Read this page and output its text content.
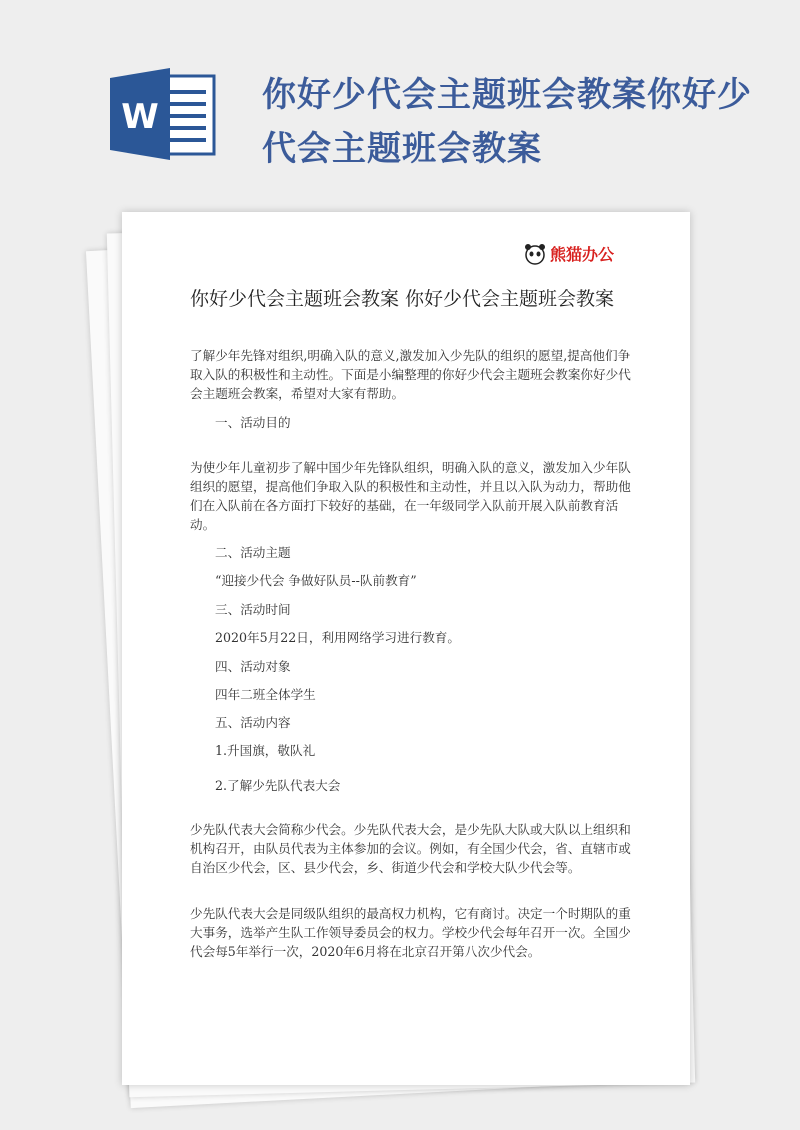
W
你好少代会主题班会教案你好少代会主题班会教案
熊猫办公
你好少代会主题班会教案 你好少代会主题班会教案
了解少年先锋对组织,明确入队的意义,激发加入少先队的组织的愿望,提高他们争取入队的积极性和主动性。下面是小编整理的你好少代会主题班会教案你好少代会主题班会教案，希望对大家有帮助。
一、活动目的
为使少年儿童初步了解中国少年先锋队组织，明确入队的意义，激发加入少年队组织的愿望，提高他们争取入队的积极性和主动性，并且以入队为动力，帮助他们在入队前在各方面打下较好的基础，在一年级同学入队前开展入队前教育活动。
二、活动主题
“迎接少代会 争做好队员--队前教育”
三、活动时间
2020年5月22日，利用网络学习进行教育。
四、活动对象
四年二班全体学生
五、活动内容
1.升国旗，敬队礼
2.了解少先队代表大会
少先队代表大会简称少代会。少先队代表大会，是少先队大队或大队以上组织和机构召开，由队员代表为主体参加的会议。例如，有全国少代会，省、直辖市或自治区少代会，区、县少代会，乡、街道少代会和学校大队少代会等。
少先队代表大会是同级队组织的最高权力机构，它有商讨。决定一个时期队的重大事务，选举产生队工作领导委员会的权力。学校少代会每年召开一次。全国少代会每5年举行一次，2020年6月将在北京召开第八次少代会。
